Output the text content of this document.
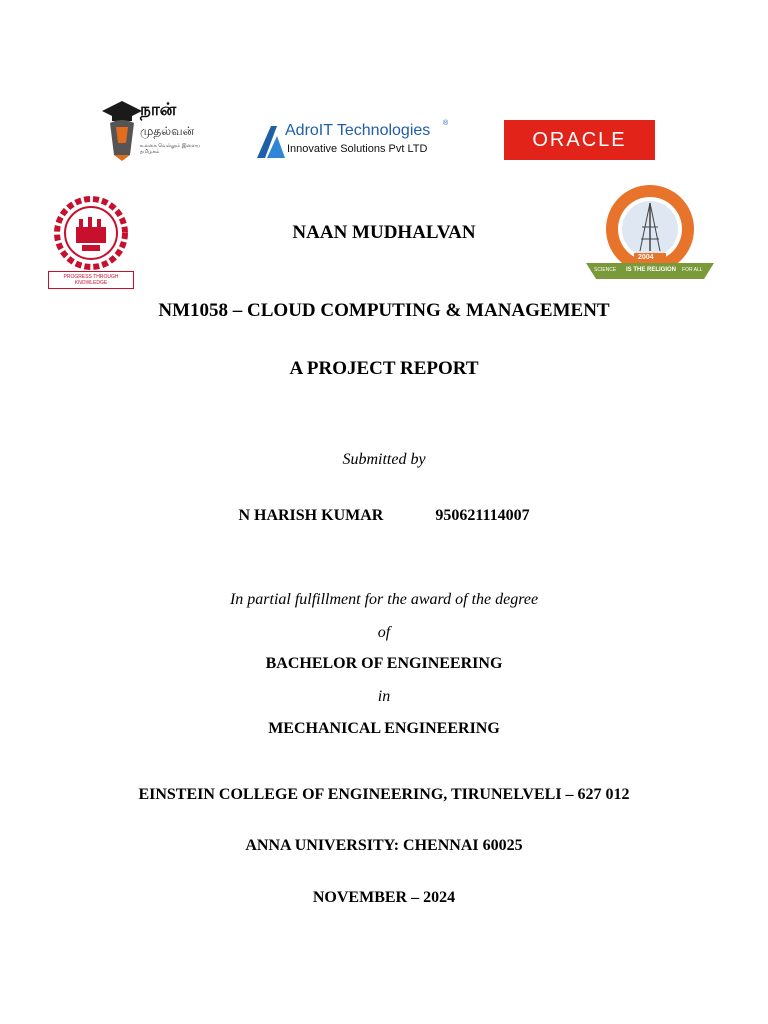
நான்
முதல்வன்
உலகை வெல்லும் இளைய தமிழகம்
AdroIT Technologies ®
Innovative Solutions Pvt LTD	ORACLE
PROGRESS THROUGH KNOWLEDGE
2004
SCIENCE IS THE RELIGION FOR ALL
NAAN MUDHALVAN
NM1058 – CLOUD COMPUTING & MANAGEMENT
A PROJECT REPORT
Submitted by
N HARISH KUMAR	950621114007
In partial fulfillment for the award of the degree
of
BACHELOR OF ENGINEERING
in
MECHANICAL ENGINEERING
EINSTEIN COLLEGE OF ENGINEERING, TIRUNELVELI – 627 012
ANNA UNIVERSITY: CHENNAI 60025
NOVEMBER – 2024
